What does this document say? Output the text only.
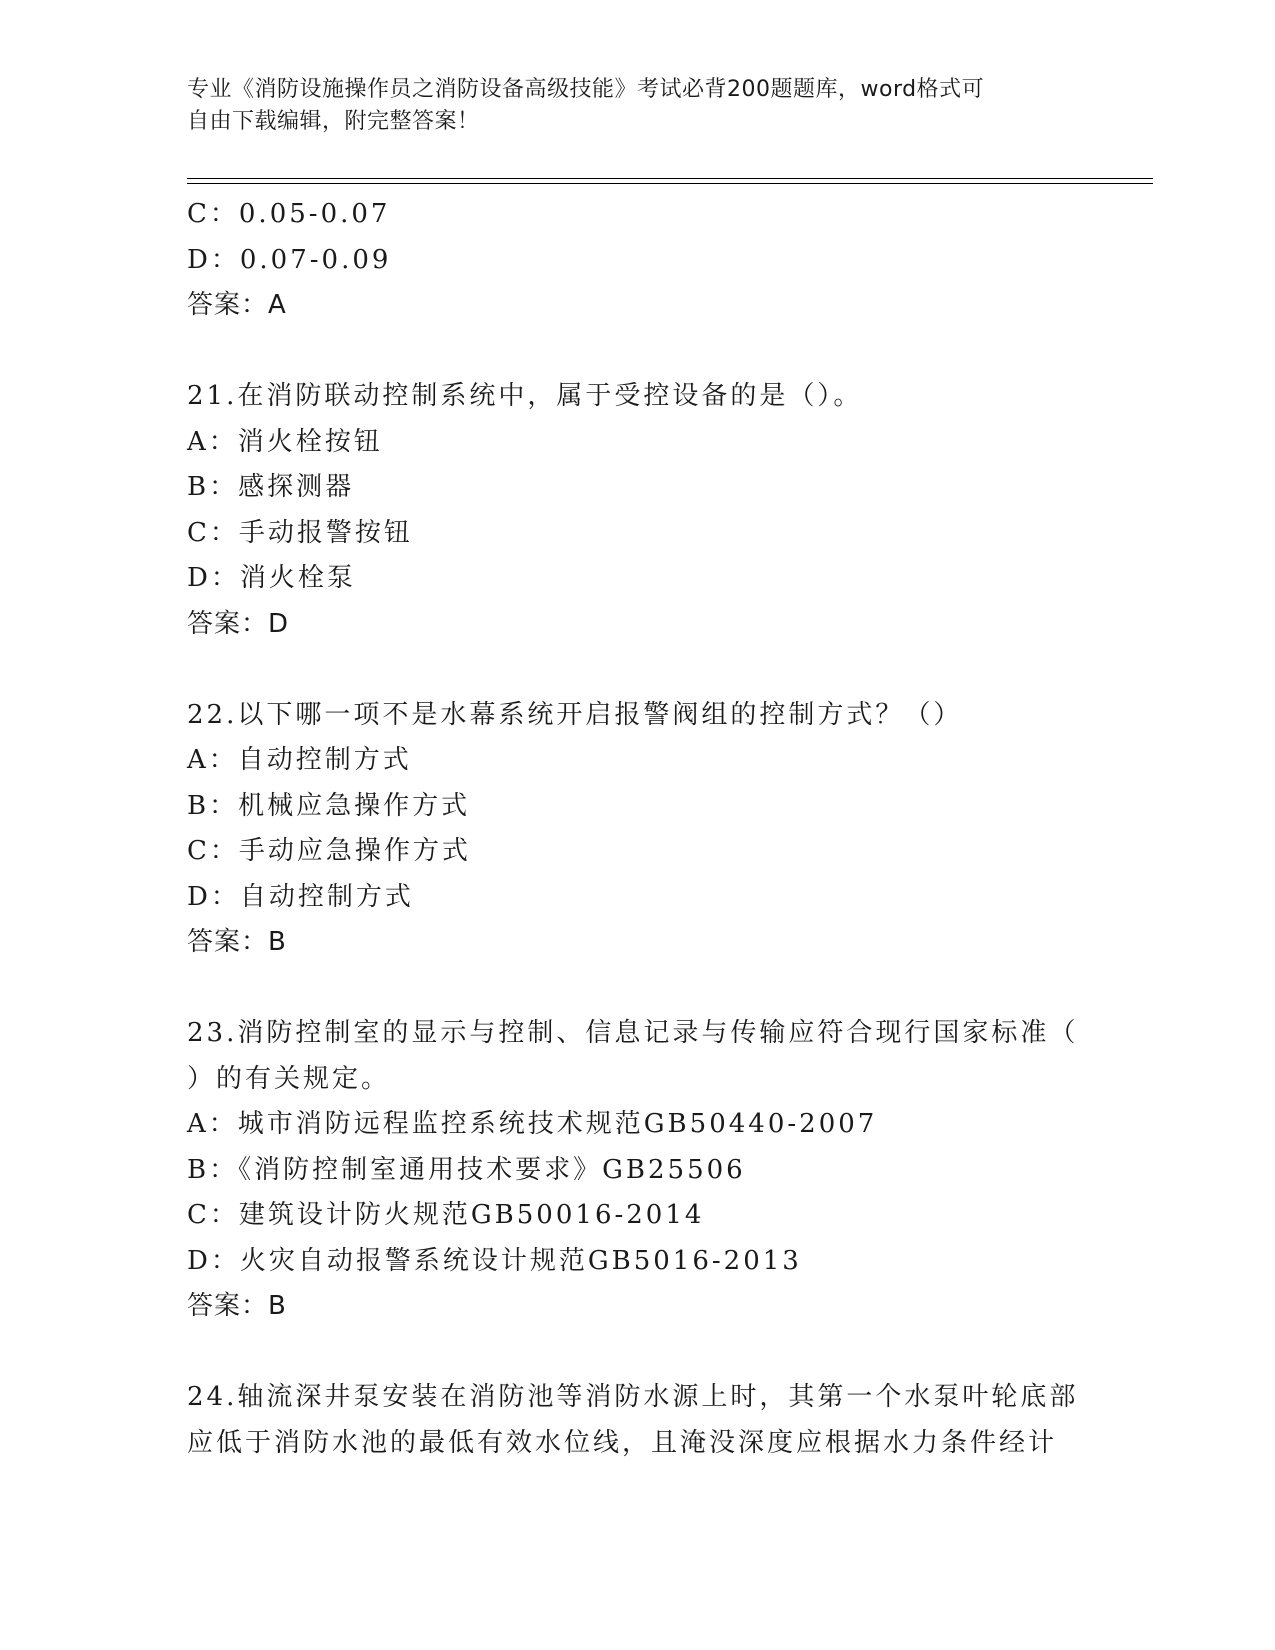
专业《消防设施操作员之消防设备高级技能》考试必背200题题库，word格式可
自由下载编辑，附完整答案！
C：0.05-0.07
D：0.07-0.09
答案：A
21.在消防联动控制系统中，属于受控设备的是（）。
A：消火栓按钮
B：感探测器
C：手动报警按钮
D：消火栓泵
答案：D
22.以下哪一项不是水幕系统开启报警阀组的控制方式？（）
A：自动控制方式
B：机械应急操作方式
C：手动应急操作方式
D：自动控制方式
答案：B
23.消防控制室的显示与控制、信息记录与传输应符合现行国家标准（
）的有关规定。
A：城市消防远程监控系统技术规范GB50440-2007
B：《消防控制室通用技术要求》GB25506
C：建筑设计防火规范GB50016-2014
D：火灾自动报警系统设计规范GB5016-2013
答案：B
24.轴流深井泵安装在消防池等消防水源上时，其第一个水泵叶轮底部
应低于消防水池的最低有效水位线，且淹没深度应根据水力条件经计
